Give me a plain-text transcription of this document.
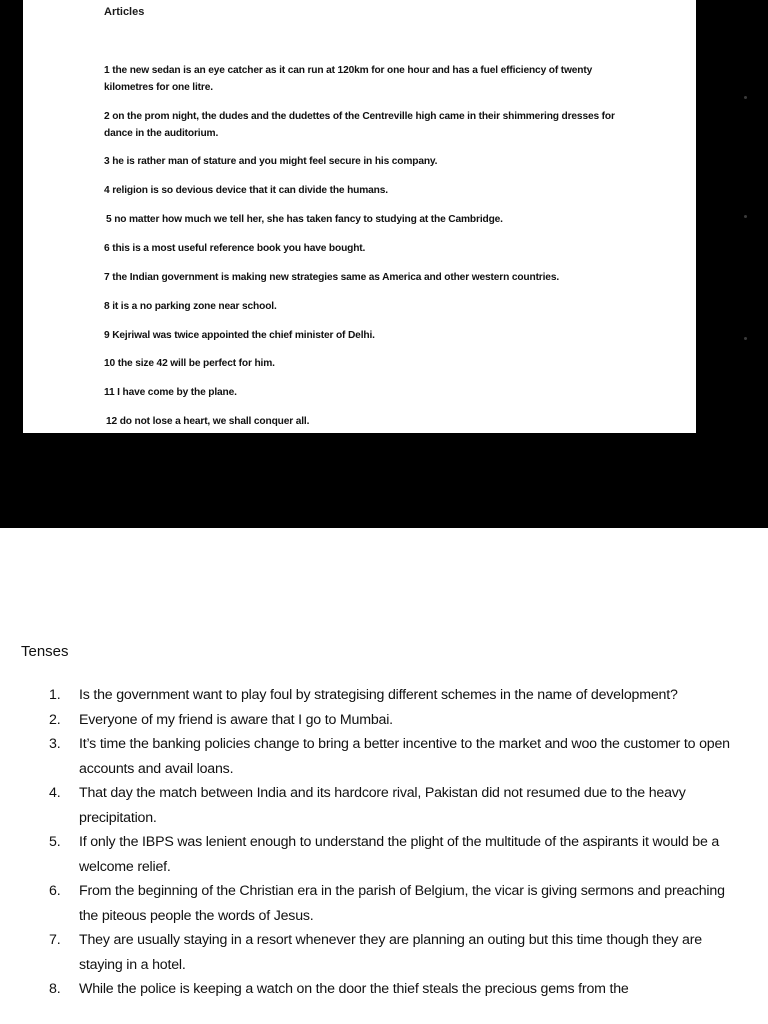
Articles
1 the new sedan is an eye catcher as it can run at 120km for one hour and has a fuel efficiency of twenty kilometres for one litre.
2 on the prom night, the dudes and the dudettes of the Centreville high came in their shimmering dresses for dance in the auditorium.
3 he is rather man of stature and you might feel secure in his company.
4 religion is so devious device that it can divide the humans.
5 no matter how much we tell her, she has taken fancy to studying at the Cambridge.
6 this is a most useful reference book you have bought.
7 the Indian government is making new strategies same as America and other western countries.
8 it is a no parking zone near school.
9 Kejriwal was twice appointed the chief minister of Delhi.
10 the size 42 will be perfect for him.
11 I have come by the plane.
12 do not lose a heart, we shall conquer all.
Tenses
1.	Is the government want to play foul by strategising different schemes in the name of development?
2.	Everyone of my friend is aware that I go to Mumbai.
3.	It’s time the banking policies change to bring a better incentive to the market and woo the customer to open accounts and avail loans.
4.	That day the match between India and its hardcore rival, Pakistan did not resumed due to the heavy precipitation.
5.	If only the IBPS was lenient enough to understand the plight of the multitude of the aspirants it would be a welcome relief.
6.	From the beginning of the Christian era in the parish of Belgium, the vicar is giving sermons and preaching the piteous people the words of Jesus.
7.	They are usually staying in a resort whenever they are planning an outing but this time though they are staying in a hotel.
8.	While the police is keeping a watch on the door the thief steals the precious gems from the
